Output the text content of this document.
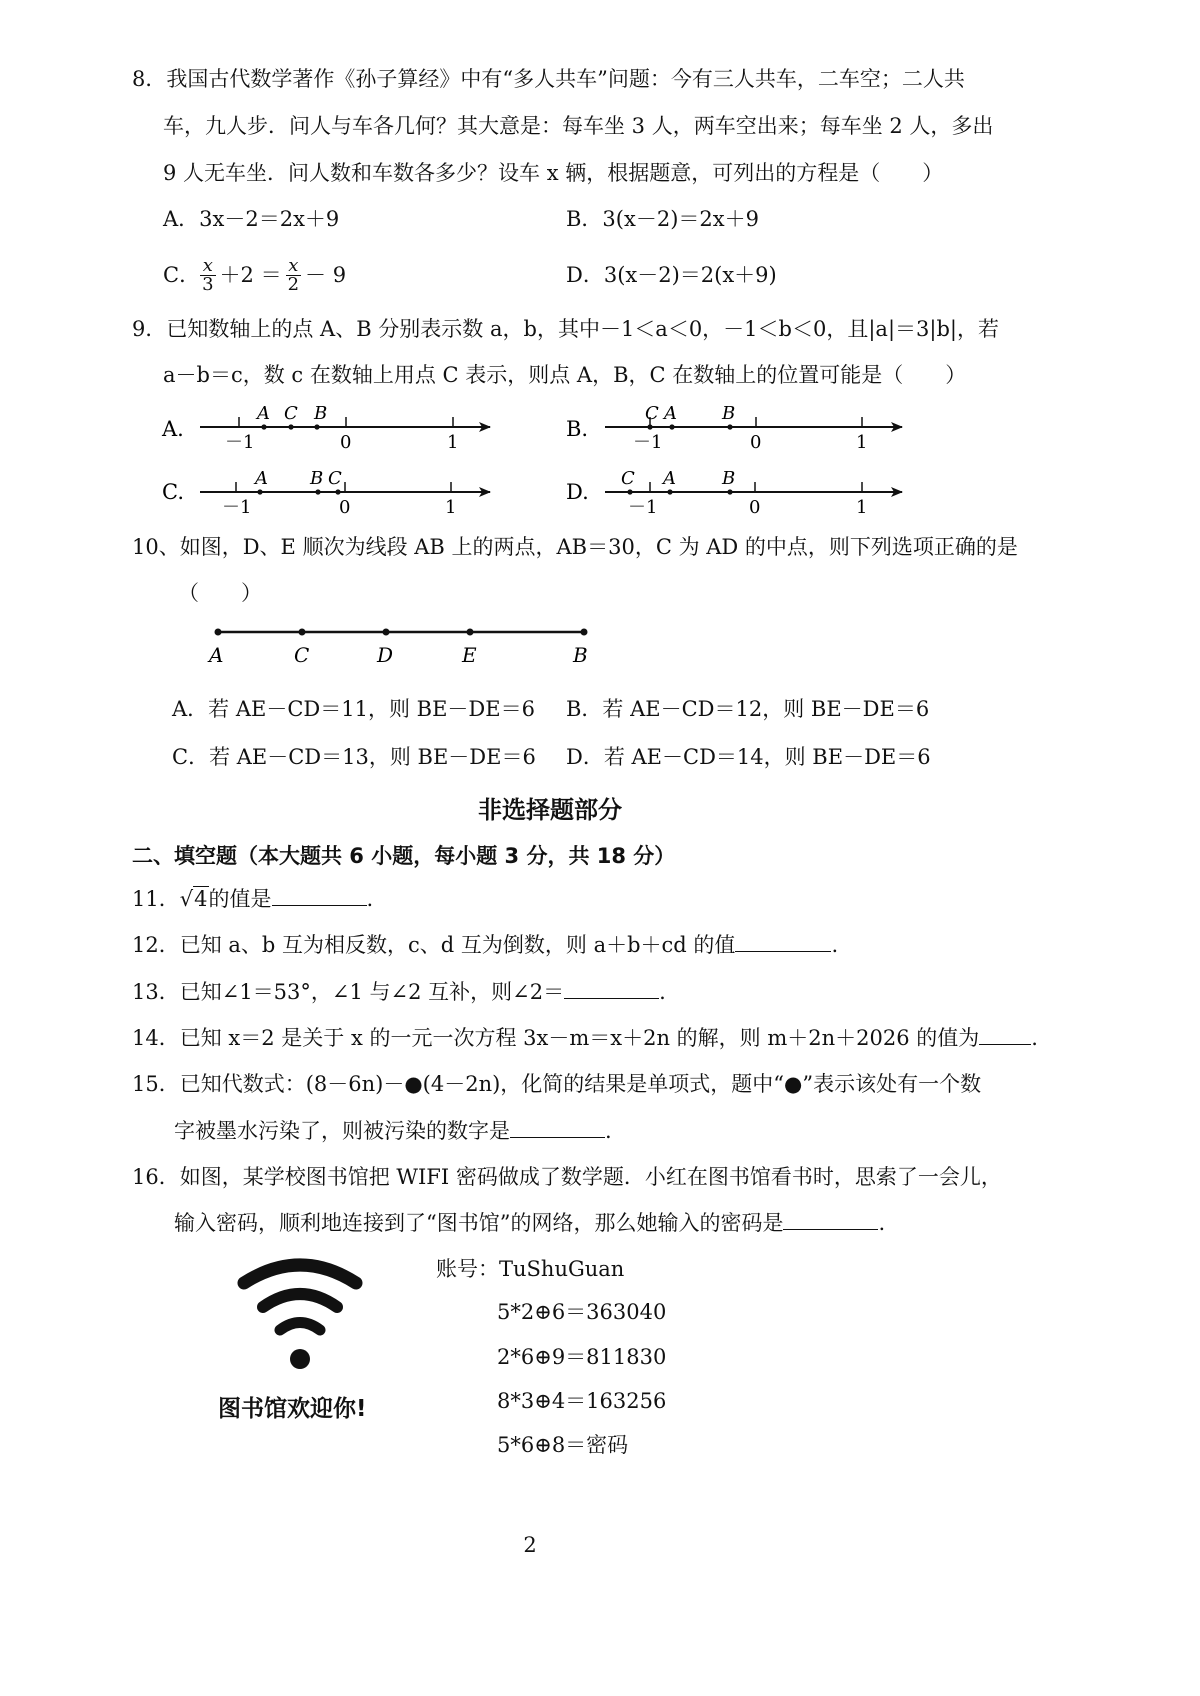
8．我国古代数学著作《孙子算经》中有“多人共车”问题：今有三人共车，二车空；二人共
车，九人步．问人与车各几何？其大意是：每车坐 3 人，两车空出来；每车坐 2 人，多出
9 人无车坐．问人数和车数各多少？设车 x 辆，根据题意，可列出的方程是（　　）
A．3x－2＝2x＋9	B．3(x－2)＝2x＋9
C． $\frac{x}{3} +2 = \frac{x}{2} - 9$	D．3(x－2)＝2(x＋9)
9．已知数轴上的点 A、B 分别表示数 a，b，其中－1＜a＜0，－1＜b＜0，且|a|＝3|b|，若
a－b＝c，数 c 在数轴上用点 C 表示，则点 A，B，C 在数轴上的位置可能是（　　）
A.
A C B
－1	0	1
B.
C A	B
－1	0	1
C.
A B C
－1	0	1
D.
C A	B
－1	0	1
10、如图，D、E 顺次为线段 AB 上的两点，AB＝30，C 为 AD 的中点，则下列选项正确的是
（　　）
A	C	D	E	B
A．若 AE－CD＝11，则 BE－DE＝6 B．若 AE－CD＝12，则 BE－DE＝6
C．若 AE－CD＝13，则 BE－DE＝6 D．若 AE－CD＝14，则 BE－DE＝6
非选择题部分
二、填空题（本大题共 6 小题，每小题 3 分，共 18 分）
11．√4的值是	.
12．已知 a、b 互为相反数，c、d 互为倒数，则 a＋b＋cd 的值	.
13．已知∠1＝53°，∠1 与∠2 互补，则∠2＝	.
14．已知 x＝2 是关于 x 的一元一次方程 3x－m＝x＋2n 的解，则 m＋2n＋2026 的值为 .
15．已知代数式：(8－6n)－●(4－2n)，化简的结果是单项式，题中“●”表示该处有一个数
字被墨水污染了，则被污染的数字是	.
16．如图，某学校图书馆把 WIFI 密码做成了数学题．小红在图书馆看书时，思索了一会儿，
输入密码，顺利地连接到了“图书馆”的网络，那么她输入的密码是	.
图书馆欢迎你!
账号：TuShuGuan
5*2⊕6＝363040
2*6⊕9＝811830
8*3⊕4＝163256
5*6⊕8＝密码
2
